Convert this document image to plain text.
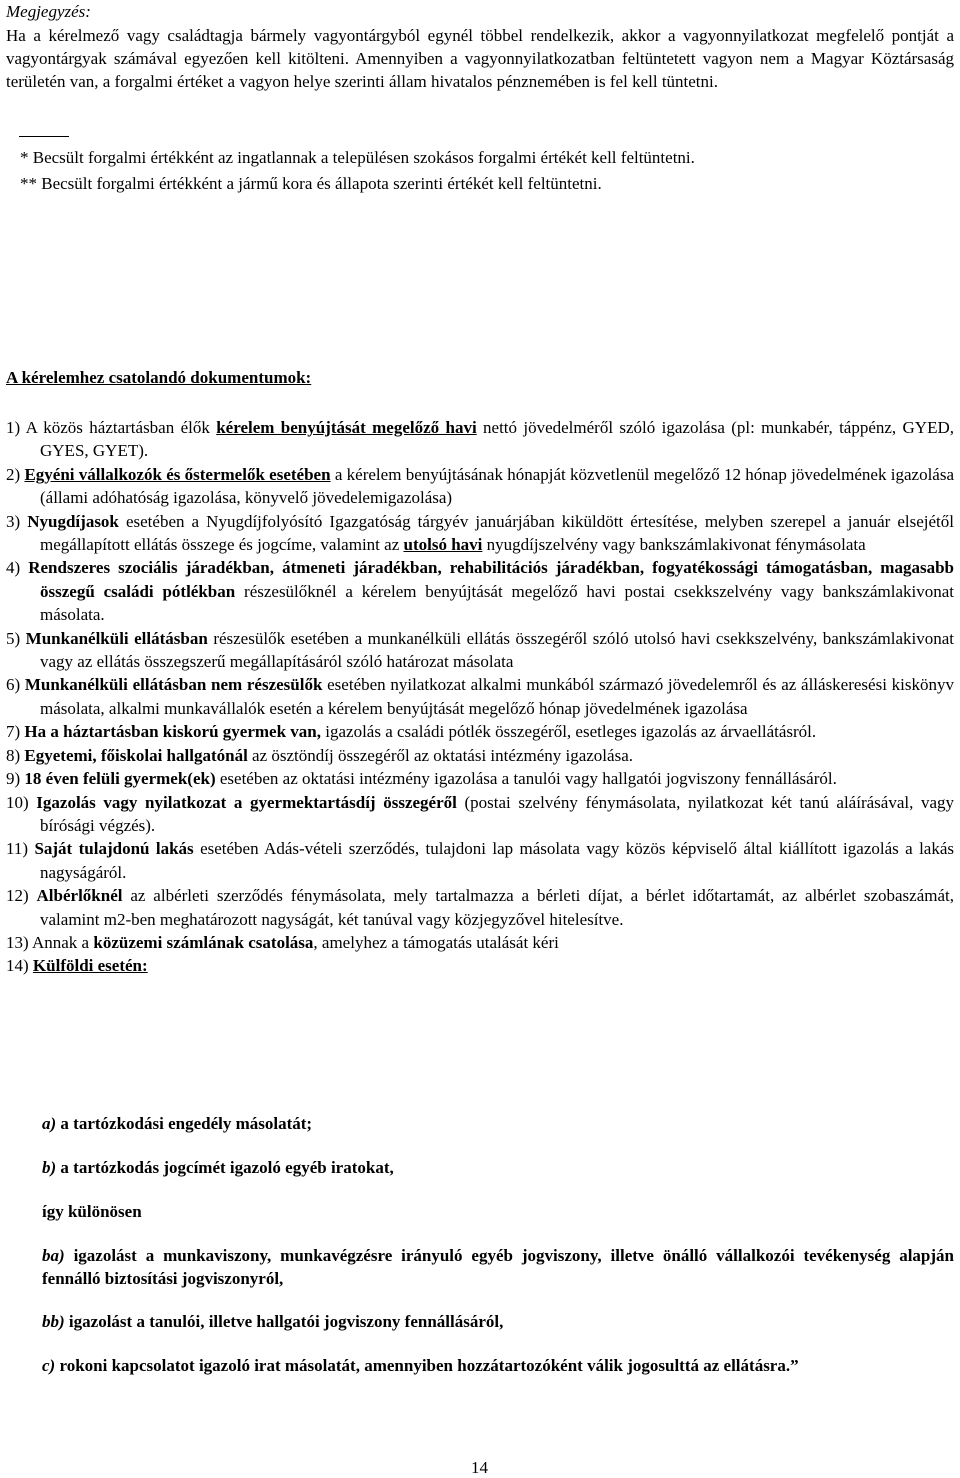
Megjegyzés:
Ha a kérelmező vagy családtagja bármely vagyontárgyból egynél többel rendelkezik, akkor a vagyonnyilatkozat megfelelő pontját a vagyontárgyak számával egyezően kell kitölteni. Amennyiben a vagyonnyilatkozatban feltüntetett vagyon nem a Magyar Köztársaság területén van, a forgalmi értéket a vagyon helye szerinti állam hivatalos pénznemében is fel kell tüntetni.
* Becsült forgalmi értékként az ingatlannak a településen szokásos forgalmi értékét kell feltüntetni.
** Becsült forgalmi értékként a jármű kora és állapota szerinti értékét kell feltüntetni.
A kérelemhez csatolandó dokumentumok:

1) A közös háztartásban élők kérelem benyújtását megelőző havi nettó jövedelméről szóló igazolása (pl: munkabér, táppénz, GYED, GYES, GYET).

2) Egyéni vállalkozók és őstermelők esetében a kérelem benyújtásának hónapját közvetlenül megelőző 12 hónap jövedelmének igazolása (állami adóhatóság igazolása, könyvelő jövedelemigazolása)

3) Nyugdíjasok esetében a Nyugdíjfolyósító Igazgatóság tárgyév januárjában kiküldött értesítése, melyben szerepel a január elsejétől megállapított ellátás összege és jogcíme, valamint az utolsó havi nyugdíjszelvény vagy bankszámlakivonat fénymásolata

4) Rendszeres szociális járadékban, átmeneti járadékban, rehabilitációs járadékban, fogyatékossági támogatásban, magasabb összegű családi pótlékban részesülőknél a kérelem benyújtását megelőző havi postai csekkszelvény vagy bankszámlakivonat másolata.

5) Munkanélküli ellátásban részesülők esetében a munkanélküli ellátás összegéről szóló utolsó havi csekkszelvény, bankszámlakivonat vagy az ellátás összegszerű megállapításáról szóló határozat másolata

6) Munkanélküli ellátásban nem részesülők esetében nyilatkozat alkalmi munkából származó jövedelemről és az álláskeresési kiskönyv másolata, alkalmi munkavállalók esetén a kérelem benyújtását megelőző hónap jövedelmének igazolása

7) Ha a háztartásban kiskorú gyermek van, igazolás a családi pótlék összegéről, esetleges igazolás az árvaellátásról.

8) Egyetemi, főiskolai hallgatónál az ösztöndíj összegéről az oktatási intézmény igazolása.

9) 18 éven felüli gyermek(ek) esetében az oktatási intézmény igazolása a tanulói vagy hallgatói jogviszony fennállásáról.

10) Igazolás vagy nyilatkozat a gyermektartásdíj összegéről (postai szelvény fénymásolata, nyilatkozat két tanú aláírásával, vagy bírósági végzés).

11) Saját tulajdonú lakás esetében Adás-vételi szerződés, tulajdoni lap másolata vagy közös képviselő által kiállított igazolás a lakás nagyságáról.

12) Albérlőknél az albérleti szerződés fénymásolata, mely tartalmazza a bérleti díjat, a bérlet időtartamát, az albérlet szobaszámát, valamint m2-ben meghatározott nagyságát, két tanúval vagy közjegyzővel hitelesítve.

13) Annak a közüzemi számlának csatolása, amelyhez a támogatás utalását kéri

14) Külföldi esetén:

a) a tartózkodási engedély másolatát;
b) a tartózkodás jogcímét igazoló egyéb iratokat,
így különösen
ba) igazolást a munkaviszony, munkavégzésre irányuló egyéb jogviszony, illetve önálló vállalkozói tevékenység alapján fennálló biztosítási jogviszonyról,
bb) igazolást a tanulói, illetve hallgatói jogviszony fennállásáról,
c) rokoni kapcsolatot igazoló irat másolatát, amennyiben hozzátartozóként válik jogosulttá az ellátásra.”
14
